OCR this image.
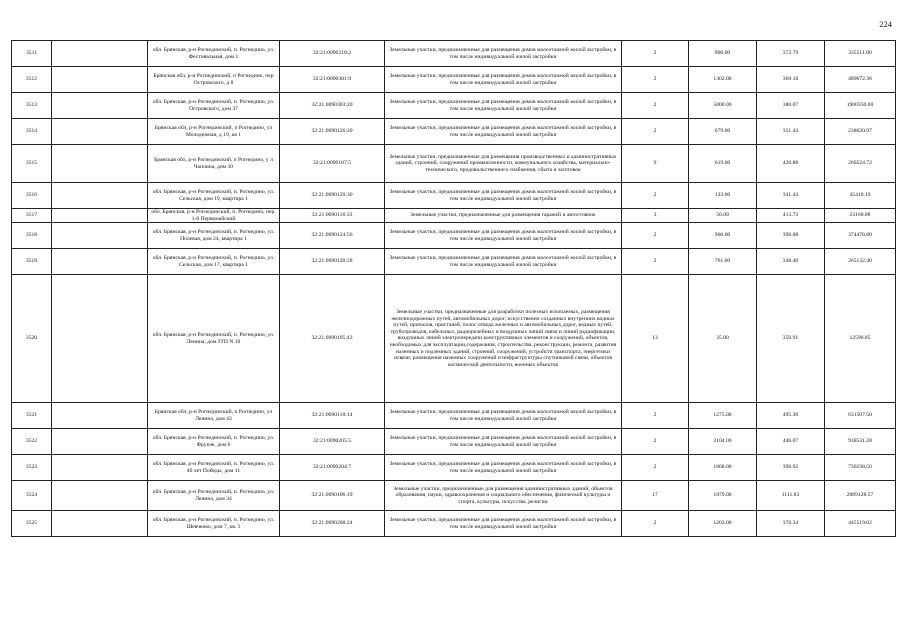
224
3511		обл. Брянская, р-н Рогнединский, п. Рогнедино, ул. Фестивальная, дом 1	32:21:0090210:2	Земельные участки, предназначенные для размещения домов малоэтажной жилой застройки, в том числе индивидуальной жилой застройки	2	900.00	372.79	335511.00
3512		Брянская обл, р-н Рогнединский, п Рогнедино, пер Островского, д 8	32:21:0090301:9	Земельные участки, предназначенные для размещения домов малоэтажной жилой застройки, в том числе индивидуальной жилой застройки	2	1302.00	369.18	480672.36
3513		обл. Брянская, р-н Рогнединский, п. Рогнедино, ул. Островского, дом 37	32:21:0090303:20	Земельные участки, предназначенные для размещения домов малоэтажной жилой застройки, в том числе индивидуальной жилой застройки	2	5000.00	380.07	1900350.00
3514		Брянская обл, р-н Рогнединский, п Рогнедино, ул Молодежная, д 19, кв 1	32:21:0090126:20	Земельные участки, предназначенные для размещения домов малоэтажной жилой застройки, в том числе индивидуальной жилой застройки	2	679.00	351.43	238620.97
3515		Брянская обл, р-н Рогнединский, п Рогнедино, у л Чаплина, дом 30	32:21:0090107:5	Земельные участки, предназначенные для размещения производственных и административных зданий, строений, сооружений промышленности, коммунального хозяйства, материально-технического, продовольственного снабжения, сбыта и заготовок	9	619.00	420.88	260524.72
3516		обл. Брянская, р-н Рогнединский, п. Рогнедино, ул. Сельская, дом 19, квартира 1	32:21:0090120:30	Земельные участки, предназначенные для размещения домов малоэтажной жилой застройки, в том числе индивидуальной жилой застройки	2	133.00	341.43	45410.19
3517		обл. Брянская, р-н Рогнединский, п. Рогнедино, пер. 1-й Первомайский	32:21:0090116:33	Земельные участки, предназначенные для размещения гаражей и автостоянок	3	56.00	413.73	23168.88
3518		обл. Брянская, р-н Рогнединский, п. Рогнедино, ул. Полевая, дом 24, квартира 1	32:21:0090124:56	Земельные участки, предназначенные для размещения домов малоэтажной жилой застройки, в том числе индивидуальной жилой застройки	2	960.00	390.08	374476.80
3519		обл. Брянская, р-н Рогнединский, п. Рогнедино, ул. Сельская, дом 17, квартира 1	32:21:0090120:28	Земельные участки, предназначенные для размещения домов малоэтажной жилой застройки, в том числе индивидуальной жилой застройки	2	761.00	348.40	265132.40
3520		обл. Брянская, р-н Рогнединский, п. Рогнедино, ул. Ленина, дом 3ТП N 10	32:21:0090105:43	Земельные участки, предназначенные для разработки полезных ископаемых, размещения железнодорожных путей, автомобильных дорог, искусственно созданных внутренних водных путей, причалов, пристаней, полос отвода железных и автомобильных дорог, водных путей, трубопроводов, кабельных, радиорелейных и воздушных линий связи и линий радиофикации, воздушных линий электропередачи конструктивных элементов и сооружений, объектов, необходимых для эксплуатации,содержания, строительства, реконструкции, ремонта, развития наземных и подземных зданий, строений, сооружений, устройств транспорта, энергетики исвязи; размещения наземных сооружений и инфраструктуры спутниковой связи, объектов космической деятельности, военных объектов	13	35.00	359.91	12596.85
3521		Брянская обл, р-н Рогнединский, п Рогнедино, ул Ленина, дом 42	32:21:0090110:14	Земельные участки, предназначенные для размещения домов малоэтажной жилой застройки, в том числе индивидуальной жилой застройки	2	1275.00	495.30	631507.50
3522		обл. Брянская, р-н Рогнединский, п. Рогнедино, ул. Фрунзе, дом 6	32:21:0090205:5	Земельные участки, предназначенные для размещения домов малоэтажной жилой застройки, в том числе индивидуальной жилой застройки	2	2104.00	446.07	938531.28
3523		обл. Брянская, р-н Рогнединский, п. Рогнедино, ул. 40 лет Победы, дом 11	32:21:0090204:7	Земельные участки, предназначенные для размещения домов малоэтажной жилой застройки, в том числе индивидуальной жилой застройки	2	1868.00	390.92	730238.56
3524		обл. Брянская, р-н Рогнединский, п. Рогнедино, ул. Ленина, дом 34	32:21:0090106:19	Земельные участки, предназначенные для размещения административных зданий, объектов образования, науки, здравоохранения и социального обеспечения, физической культуры и спорта, культуры, искусства, религии	17	1879.00	1111.83	2089128.57
3525		обл. Брянская, р-н Рогнединский, п. Рогнедино, ул. Шевченко, дом 7, кв. 1	32:21:0090208:24	Земельные участки, предназначенные для размещения домов малоэтажной жилой застройки, в том числе индивидуальной жилой застройки	2	1203.00	370.34	445519.02
